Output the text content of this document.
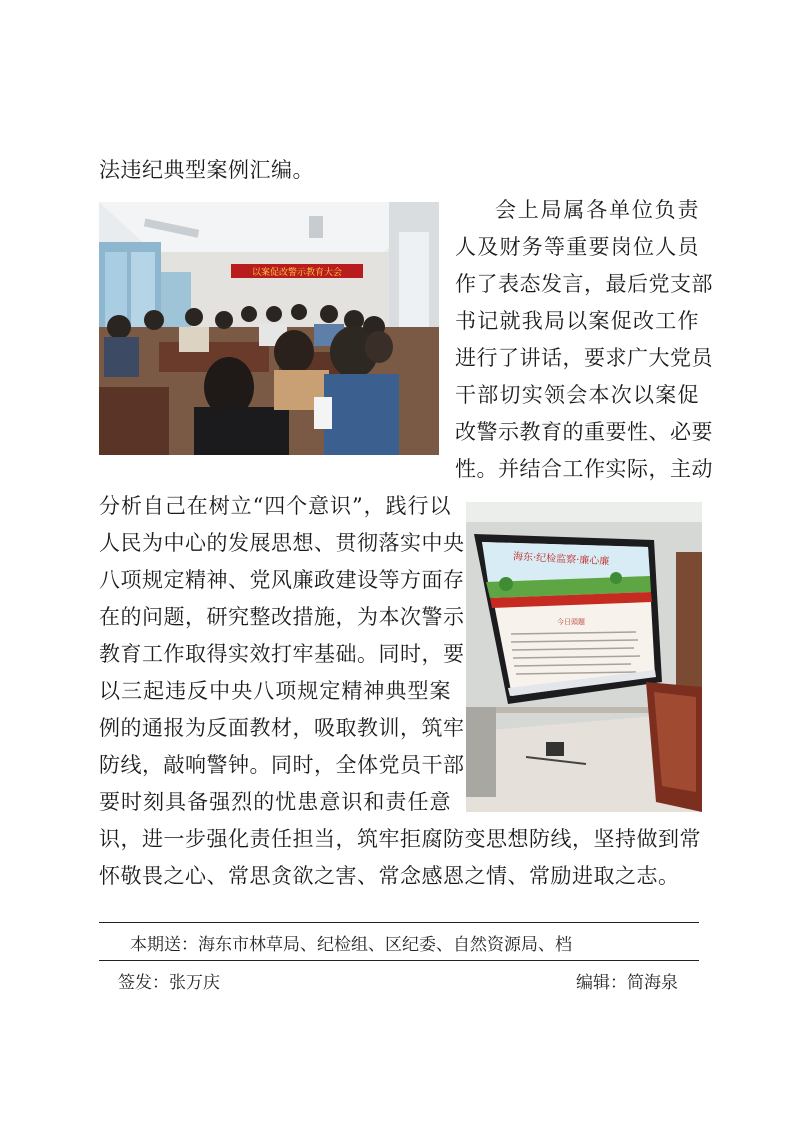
法违纪典型案例汇编。
会上局属各单位负责
人及财务等重要岗位人员
作了表态发言，最后党支部
书记就我局以案促改工作
进行了讲话，要求广大党员
干部切实领会本次以案促
改警示教育的重要性、必要
性。并结合工作实际，主动
分析自己在树立“四个意识”，践行以
人民为中心的发展思想、贯彻落实中央
八项规定精神、党风廉政建设等方面存
在的问题，研究整改措施，为本次警示
教育工作取得实效打牢基础。同时，要
以三起违反中央八项规定精神典型案
例的通报为反面教材，吸取教训，筑牢
防线，敲响警钟。同时，全体党员干部
要时刻具备强烈的忧患意识和责任意
识，进一步强化责任担当，筑牢拒腐防变思想防线，坚持做到常
怀敬畏之心、常思贪欲之害、常念感恩之情、常励进取之志。
以案促改警示教育大会
海东·纪检监察·廉心廉
今日頭題
本期送：海东市林草局、纪检组、区纪委、自然资源局、档
签发：张万庆	编辑：简海泉
